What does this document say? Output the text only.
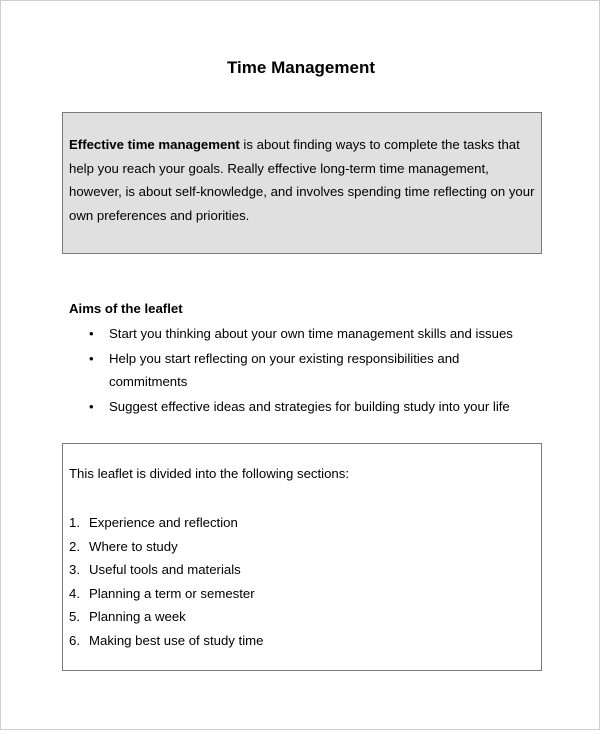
Time Management

Effective time management is about finding ways to complete the tasks that help you reach your goals. Really effective long-term time management, however, is about self-knowledge, and involves spending time reflecting on your own preferences and priorities.

Aims of the leaflet
• Start you thinking about your own time management skills and issues
• Help you start reflecting on your existing responsibilities and commitments
• Suggest effective ideas and strategies for building study into your life
This leaflet is divided into the following sections:
1. Experience and reflection
2. Where to study
3. Useful tools and materials
4. Planning a term or semester
5. Planning a week
6. Making best use of study time
